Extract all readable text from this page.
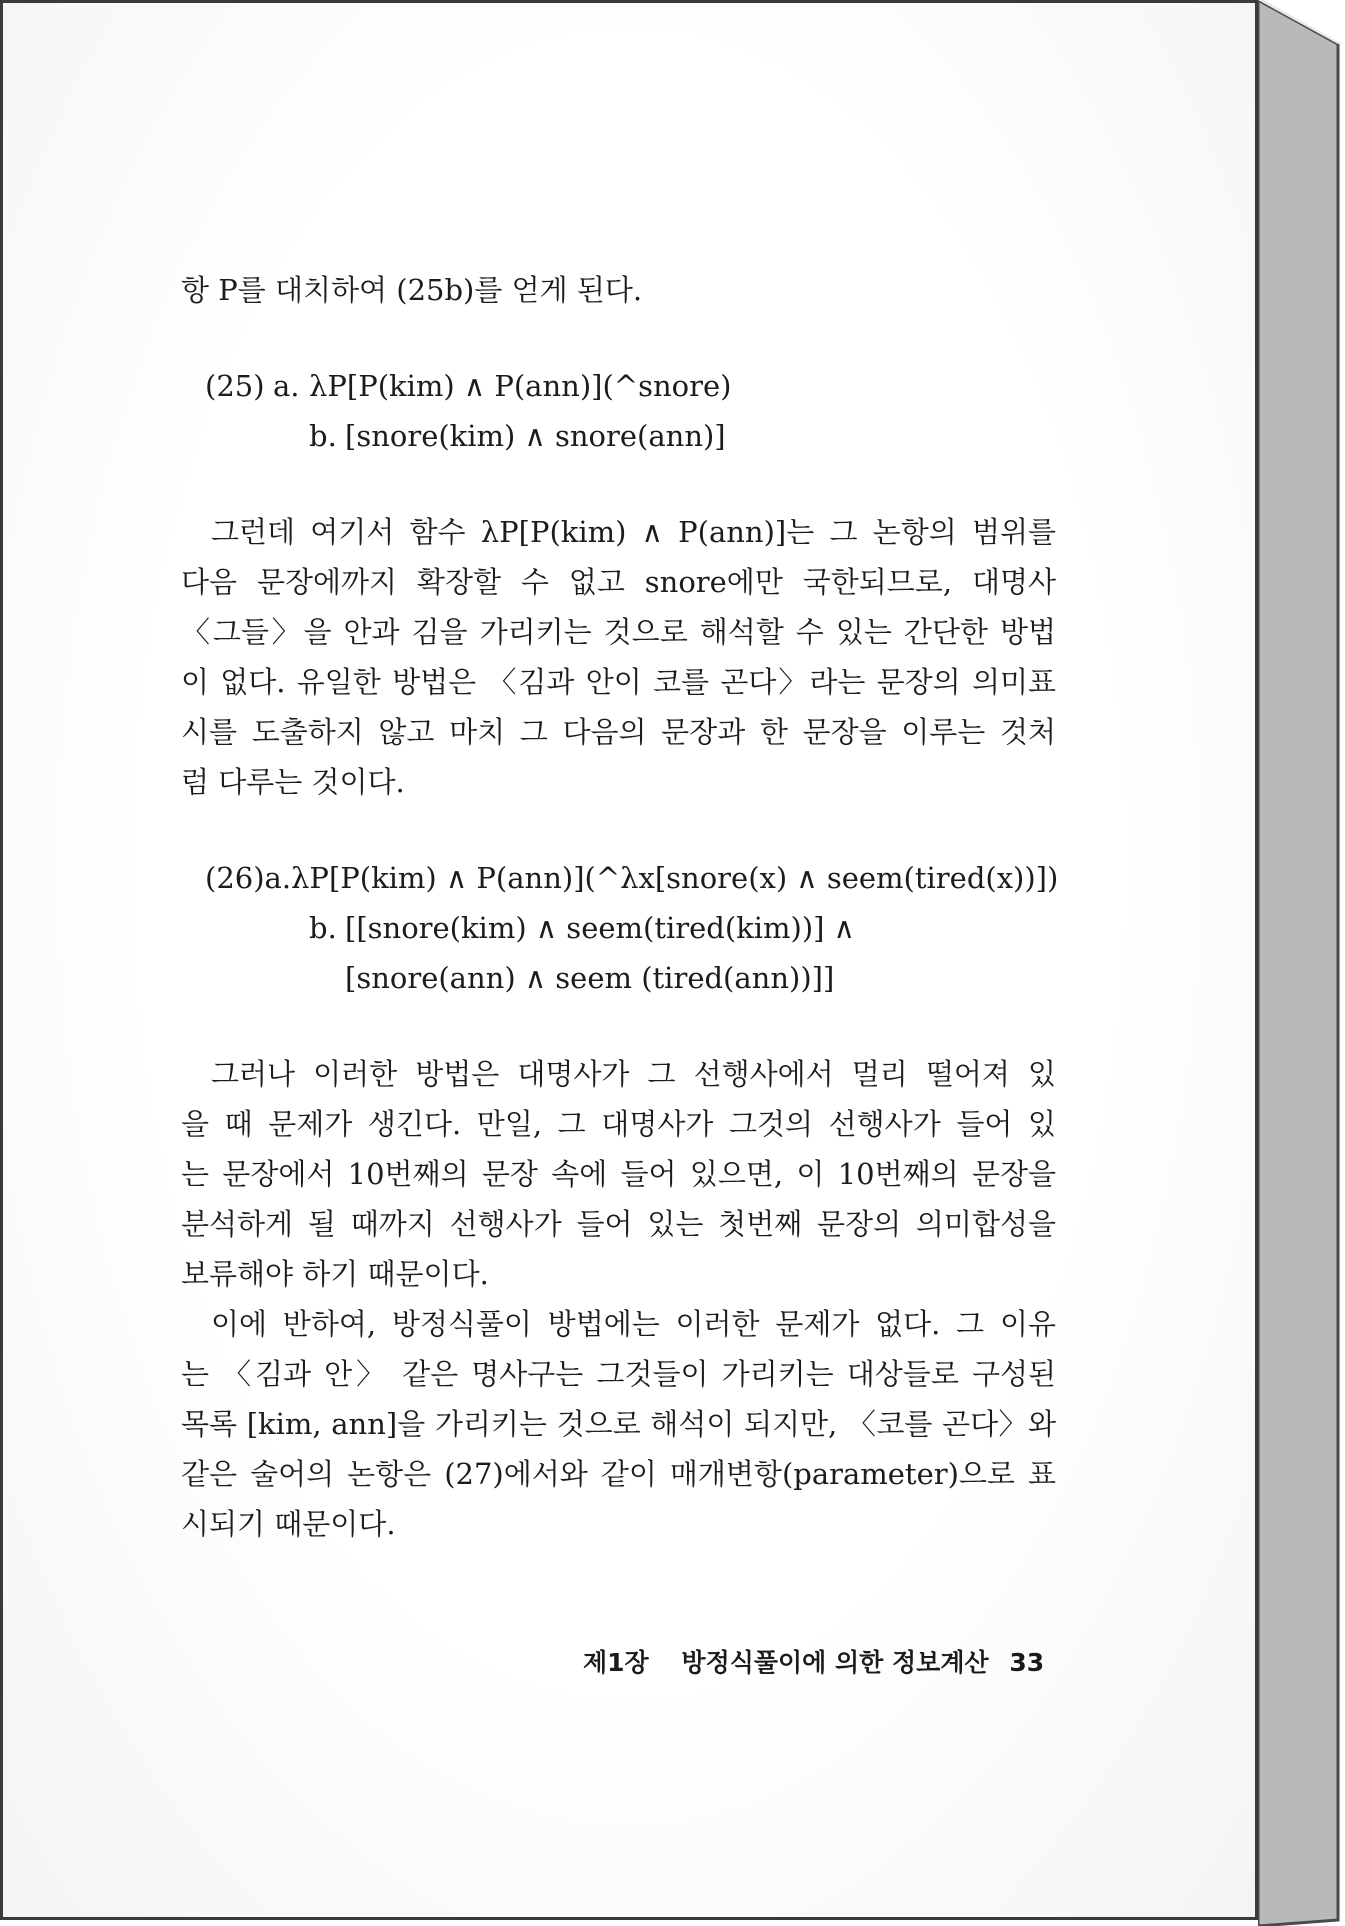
항 P를 대치하여 (25b)를 얻게 된다.
(25) a. λP[P(kim) ∧ P(ann)](^snore)
b. [snore(kim) ∧ snore(ann)]
그런데 여기서 함수 λP[P(kim) ∧ P(ann)]는 그 논항의 범위를
다음 문장에까지 확장할 수 없고 snore에만 국한되므로, 대명사
〈그들〉을 안과 김을 가리키는 것으로 해석할 수 있는 간단한 방법
이 없다. 유일한 방법은 〈김과 안이 코를 곤다〉라는 문장의 의미표
시를 도출하지 않고 마치 그 다음의 문장과 한 문장을 이루는 것처
럼 다루는 것이다.
(26) a. λP[P(kim) ∧ P(ann)](^λx[snore(x) ∧ seem(tired(x))])
b. [[snore(kim) ∧ seem(tired(kim))] ∧
[snore(ann) ∧ seem (tired(ann))]]
그러나 이러한 방법은 대명사가 그 선행사에서 멀리 떨어져 있
을 때 문제가 생긴다. 만일, 그 대명사가 그것의 선행사가 들어 있
는 문장에서 10번째의 문장 속에 들어 있으면, 이 10번째의 문장을
분석하게 될 때까지 선행사가 들어 있는 첫번째 문장의 의미합성을
보류해야 하기 때문이다.
이에 반하여, 방정식풀이 방법에는 이러한 문제가 없다. 그 이유
는 〈김과 안〉 같은 명사구는 그것들이 가리키는 대상들로 구성된
목록 [kim, ann]을 가리키는 것으로 해석이 되지만, 〈코를 곤다〉와
같은 술어의 논항은 (27)에서와 같이 매개변항(parameter)으로 표
시되기 때문이다.
제1장 방정식풀이에 의한 정보계산 33
